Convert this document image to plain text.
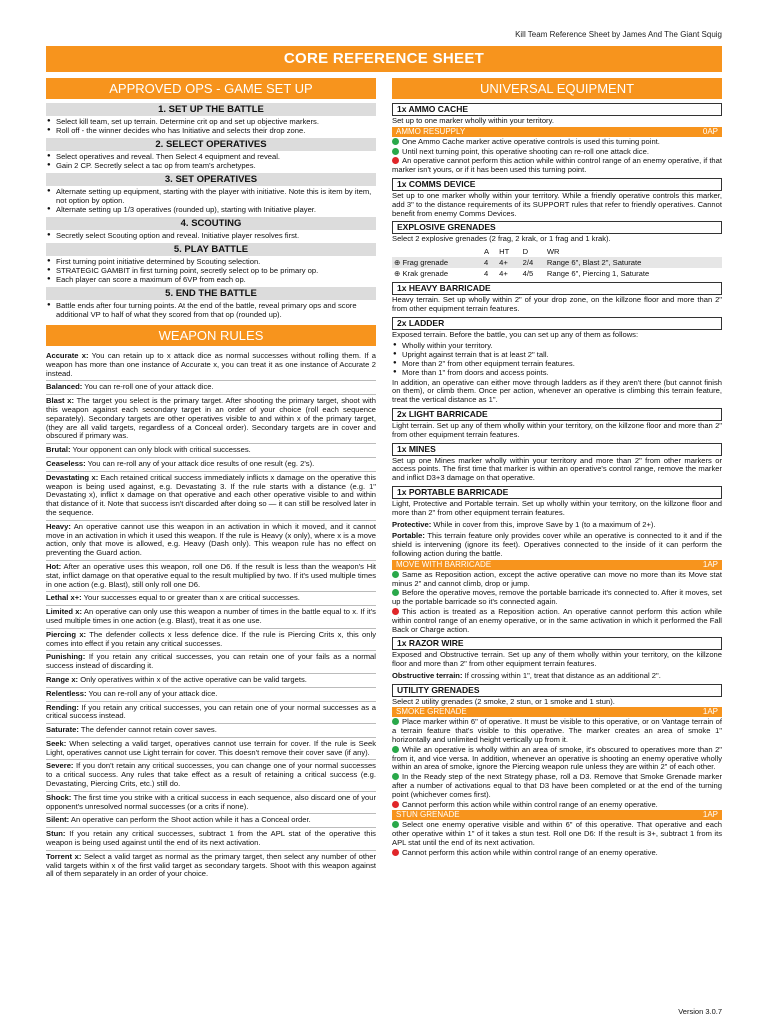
Kill Team Reference Sheet by James And The Giant Squig
CORE REFERENCE SHEET
APPROVED OPS - GAME SET UP
1. SET UP THE BATTLE
● Select kill team, set up terrain. Determine crit op and set up objective markers.
● Roll off - the winner decides who has Initiative and selects their drop zone.
2. SELECT OPERATIVES
● Select operatives and reveal. Then Select 4 equipment and reveal.
● Gain 2 CP. Secretly select a tac op from team's archetypes.
3. SET OPERATIVES
● Alternate setting up equipment, starting with the player with initiative. Note this is item by item, not option by option.
● Alternate setting up 1/3 operatives (rounded up), starting with Initiative player.
4. SCOUTING
● Secretly select Scouting option and reveal. Initiative player resolves first.
5. PLAY BATTLE
● First turning point initiative determined by Scouting selection.
● STRATEGIC GAMBIT in first turning point, secretly select op to be primary op.
● Each player can score a maximum of 6VP from each op.
5. END THE BATTLE
● Battle ends after four turning points. At the end of the battle, reveal primary ops and score additional VP to half of what they scored from that op (rounded up).
WEAPON RULES
Accurate x: You can retain up to x attack dice as normal successes without rolling them. If a weapon has more than one instance of Accurate x, you can treat it as one instance of Accurate 2 instead.
Balanced: You can re-roll one of your attack dice.
Blast x: The target you select is the primary target. After shooting the primary target, shoot with this weapon against each secondary target in an order of your choice (roll each sequence separately). Secondary targets are other operatives visible to and within x of the primary target, (they are all valid targets, regardless of a Conceal order). Secondary targets are in cover and obscured if primary was.
Brutal: Your opponent can only block with critical successes.
Ceaseless: You can re-roll any of your attack dice results of one result (eg. 2's).
Devastating x: Each retained critical success immediately inflicts x damage on the operative this weapon is being used against, e.g. Devastating 3. If the rule starts with a distance (e.g. 1" Devastating x), inflict x damage on that operative and each other operative visible to and within that distance of it. Note that success isn't discarded after doing so — it can still be resolved later in the sequence.
Heavy: An operative cannot use this weapon in an activation in which it moved, and it cannot move in an activation in which it used this weapon. If the rule is Heavy (x only), where x is a move action, only that move is allowed, e.g. Heavy (Dash only). This weapon rule has no effect on preventing the Guard action.
Hot: After an operative uses this weapon, roll one D6. If the result is less than the weapon's Hit stat, inflict damage on that operative equal to the result multiplied by two. If it's used multiple times in one action (e.g. Blast), still only roll one D6.
Lethal x+: Your successes equal to or greater than x are critical successes.
Limited x: An operative can only use this weapon a number of times in the battle equal to x. If it's used multiple times in one action (e.g. Blast), treat it as one use.
Piercing x: The defender collects x less defence dice. If the rule is Piercing Crits x, this only comes into effect if you retain any critical successes.
Punishing: If you retain any critical successes, you can retain one of your fails as a normal success instead of discarding it.
Range x: Only operatives within x of the active operative can be valid targets.
Relentless: You can re-roll any of your attack dice.
Rending: If you retain any critical successes, you can retain one of your normal successes as a critical success instead.
Saturate: The defender cannot retain cover saves.
Seek: When selecting a valid target, operatives cannot use terrain for cover. If the rule is Seek Light, operatives cannot use Light terrain for cover. This doesn't remove their cover save (if any).
Severe: If you don't retain any critical successes, you can change one of your normal successes to a critical success. Any rules that take effect as a result of retaining a critical success (e.g. Devastating, Piercing Crits, etc.) still do.
Shock: The first time you strike with a critical success in each sequence, also discard one of your opponent's unresolved normal successes (or a crits if none).
Silent: An operative can perform the Shoot action while it has a Conceal order.
Stun: If you retain any critical successes, subtract 1 from the APL stat of the operative this weapon is being used against until the end of its next activation.
Torrent x: Select a valid target as normal as the primary target, then select any number of other valid targets within x of the first valid target as secondary targets. Shoot with this weapon against all of them separately in an order of your choice.
UNIVERSAL EQUIPMENT
1x AMMO CACHE
Set up to one marker wholly within your territory.
AMMO RESUPPLY	0AP
One Ammo Cache marker active operative controls is used this turning point.
Until next turning point, this operative shooting can re-roll one attack dice.
An operative cannot perform this action while within control range of an enemy operative, if that marker isn't yours, or if it has been used this turning point.
1x COMMS DEVICE
Set up to one marker wholly within your territory. While a friendly operative controls this marker, add 3" to the distance requirements of its SUPPORT rules that refer to friendly operatives. Cannot benefit from enemy Comms Devices.
EXPLOSIVE GRENADES
Select 2 explosive grenades (2 frag, 2 krak, or 1 frag and 1 krak).
	A	HT	D	WR
⊕ Frag grenade	4	4+	2/4	Range 6", Blast 2", Saturate
⊕ Krak grenade	4	4+	4/5	Range 6", Piercing 1, Saturate
1x HEAVY BARRICADE
Heavy terrain. Set up wholly within 2" of your drop zone, on the killzone floor and more than 2" from other equipment terrain features.
2x LADDER
Exposed terrain. Before the battle, you can set up any of them as follows:
● Wholly within your territory.
● Upright against terrain that is at least 2" tall.
● More than 2" from other equipment terrain features.
● More than 1" from doors and access points.
In addition, an operative can either move through ladders as if they aren't there (but cannot finish on them), or climb them. Once per action, whenever an operative is climbing this terrain feature, treat the vertical distance as 1".
2x LIGHT BARRICADE
Light terrain. Set up any of them wholly within your territory, on the killzone floor and more than 2" from other equipment terrain features.
1x MINES
Set up one Mines marker wholly within your territory and more than 2" from other markers or access points. The first time that marker is within an operative's control range, remove the marker and inflict D3+3 damage on that operative.
1x PORTABLE BARRICADE
Light, Protective and Portable terrain. Set up wholly within your territory, on the killzone floor and more than 2" from other equipment terrain features.
Protective: While in cover from this, improve Save by 1 (to a maximum of 2+).
Portable: This terrain feature only provides cover while an operative is connected to it and if the shield is intervening (ignore its feet). Operatives connected to the inside of it can perform the following action during the battle.
MOVE WITH BARRICADE	1AP
Same as Reposition action, except the active operative can move no more than its Move stat minus 2" and cannot climb, drop or jump.
Before the operative moves, remove the portable barricade it's connected to. After it moves, set up the portable barricade so it's connected again.
This action is treated as a Reposition action. An operative cannot perform this action while within control range of an enemy operative, or in the same activation in which it performed the Fall Back or Charge action.
1x RAZOR WIRE
Exposed and Obstructive terrain. Set up any of them wholly within your territory, on the killzone floor and more than 2" from other equipment terrain features.
Obstructive terrain: If crossing within 1", treat that distance as an additional 2".
UTILITY GRENADES
Select 2 utility grenades (2 smoke, 2 stun, or 1 smoke and 1 stun).
SMOKE GRENADE	1AP
Place marker within 6" of operative. It must be visible to this operative, or on Vantage terrain of a terrain feature that's visible to this operative. The marker creates an area of smoke 1" horizontally and unlimited height vertically up from it.
While an operative is wholly within an area of smoke, it's obscured to operatives more than 2" from it, and vice versa. In addition, whenever an operative is shooting an enemy operative wholly within an area of smoke, ignore the Piercing weapon rule unless they are within 2" of each other.
In the Ready step of the next Strategy phase, roll a D3. Remove that Smoke Grenade marker after a number of activations equal to that D3 have been completed or at the end of the turning point (whichever comes first).
Cannot perform this action while within control range of an enemy operative.
STUN GRENADE	1AP
Select one enemy operative visible and within 6" of this operative. That operative and each other operative within 1" of it takes a stun test. Roll one D6: If the result is 3+, subtract 1 from its APL stat until the end of its next activation.
Cannot perform this action while within control range of an enemy operative.
Version 3.0.7
